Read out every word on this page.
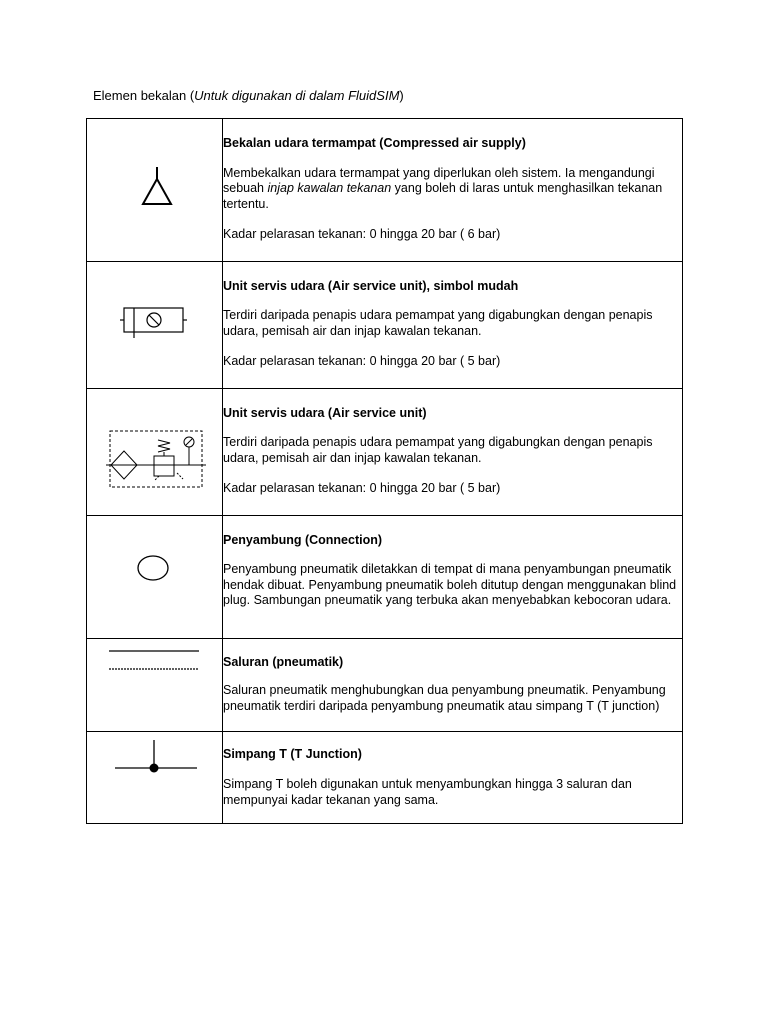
Elemen bekalan (Untuk digunakan di dalam FluidSIM)

Bekalan udara termampat (Compressed air supply)
Membekalkan udara termampat yang diperlukan oleh sistem. Ia mengandungi sebuah injap kawalan tekanan yang boleh di laras untuk menghasilkan tekanan tertentu.
Kadar pelarasan tekanan: 0 hingga 20 bar ( 6 bar)

Unit servis udara (Air service unit), simbol mudah
Terdiri daripada penapis udara pemampat yang digabungkan dengan penapis udara, pemisah air dan injap kawalan tekanan.
Kadar pelarasan tekanan: 0 hingga 20 bar ( 5 bar)

Unit servis udara (Air service unit)
Terdiri daripada penapis udara pemampat yang digabungkan dengan penapis udara, pemisah air dan injap kawalan tekanan.
Kadar pelarasan tekanan: 0 hingga 20 bar ( 5 bar)

Penyambung (Connection)
Penyambung pneumatik diletakkan di tempat di mana penyambungan pneumatik hendak dibuat. Penyambung pneumatik boleh ditutup dengan menggunakan blind plug. Sambungan pneumatik yang terbuka akan menyebabkan kebocoran udara.

Saluran (pneumatik)
Saluran pneumatik menghubungkan dua penyambung pneumatik. Penyambung pneumatik terdiri daripada penyambung pneumatik atau simpang T (T junction)

Simpang T (T Junction)
Simpang T boleh digunakan untuk menyambungkan hingga 3 saluran dan mempunyai kadar tekanan yang sama.
